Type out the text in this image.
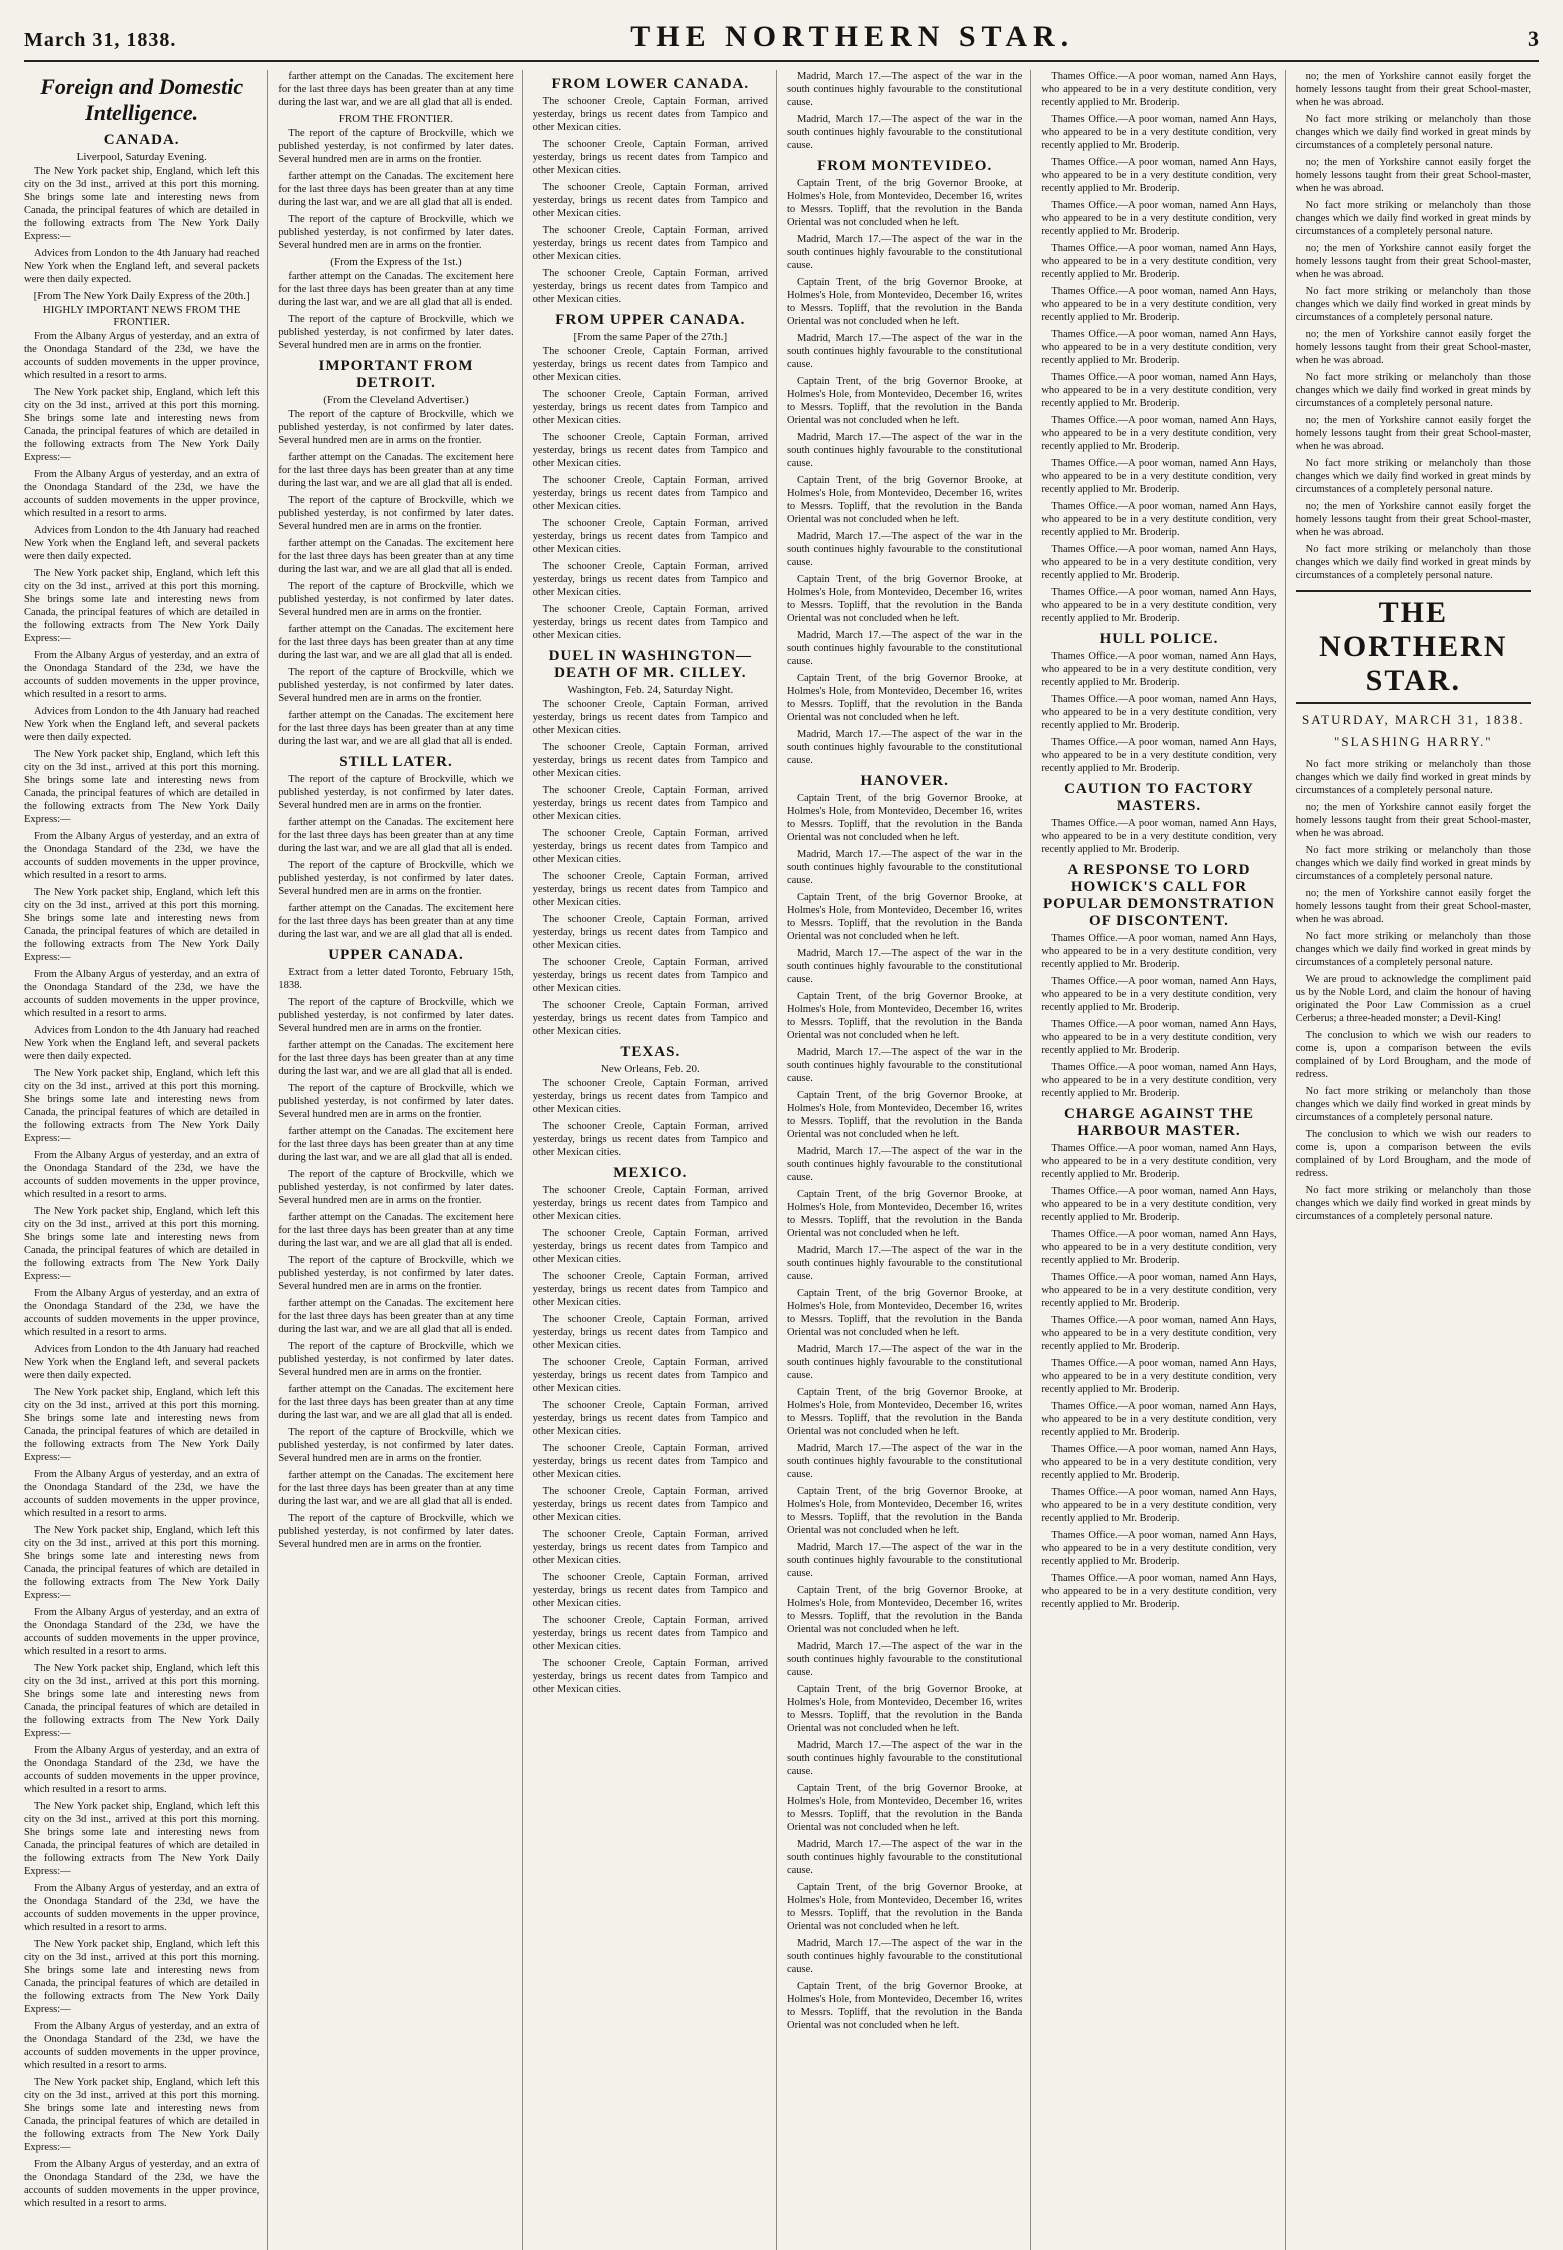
March 31, 1838.	THE NORTHERN STAR.	3
Foreign and Domestic Intelligence.
CANADA.
Liverpool, Saturday Evening.

The New York packet ship, England, which left this city on the 3d inst., arrived at this port this morning. She brings some late and interesting news from Canada, the principal features of which are detailed in the following extracts from The New York Daily Express:—

Advices from London to the 4th January had reached New York when the England left, and several packets were then daily expected.

[From The New York Daily Express of the 20th.]
HIGHLY IMPORTANT NEWS FROM THE FRONTIER.

From the Albany Argus of yesterday, and an extra of the Onondaga Standard of the 23d, we have the accounts of sudden movements in the upper province, which resulted in a resort to arms.

The New York packet ship, England, which left this city on the 3d inst., arrived at this port this morning. She brings some late and interesting news from Canada, the principal features of which are detailed in the following extracts from The New York Daily Express:—

From the Albany Argus of yesterday, and an extra of the Onondaga Standard of the 23d, we have the accounts of sudden movements in the upper province, which resulted in a resort to arms.

Advices from London to the 4th January had reached New York when the England left, and several packets were then daily expected.

The New York packet ship, England, which left this city on the 3d inst., arrived at this port this morning. She brings some late and interesting news from Canada, the principal features of which are detailed in the following extracts from The New York Daily Express:—

From the Albany Argus of yesterday, and an extra of the Onondaga Standard of the 23d, we have the accounts of sudden movements in the upper province, which resulted in a resort to arms.

Advices from London to the 4th January had reached New York when the England left, and several packets were then daily expected.

The New York packet ship, England, which left this city on the 3d inst., arrived at this port this morning. She brings some late and interesting news from Canada, the principal features of which are detailed in the following extracts from The New York Daily Express:—

From the Albany Argus of yesterday, and an extra of the Onondaga Standard of the 23d, we have the accounts of sudden movements in the upper province, which resulted in a resort to arms.

The New York packet ship, England, which left this city on the 3d inst., arrived at this port this morning. She brings some late and interesting news from Canada, the principal features of which are detailed in the following extracts from The New York Daily Express:—

From the Albany Argus of yesterday, and an extra of the Onondaga Standard of the 23d, we have the accounts of sudden movements in the upper province, which resulted in a resort to arms.

Advices from London to the 4th January had reached New York when the England left, and several packets were then daily expected.

The New York packet ship, England, which left this city on the 3d inst., arrived at this port this morning. She brings some late and interesting news from Canada, the principal features of which are detailed in the following extracts from The New York Daily Express:—

From the Albany Argus of yesterday, and an extra of the Onondaga Standard of the 23d, we have the accounts of sudden movements in the upper province, which resulted in a resort to arms.

The New York packet ship, England, which left this city on the 3d inst., arrived at this port this morning. She brings some late and interesting news from Canada, the principal features of which are detailed in the following extracts from The New York Daily Express:—

From the Albany Argus of yesterday, and an extra of the Onondaga Standard of the 23d, we have the accounts of sudden movements in the upper province, which resulted in a resort to arms.

Advices from London to the 4th January had reached New York when the England left, and several packets were then daily expected.

The New York packet ship, England, which left this city on the 3d inst., arrived at this port this morning. She brings some late and interesting news from Canada, the principal features of which are detailed in the following extracts from The New York Daily Express:—

From the Albany Argus of yesterday, and an extra of the Onondaga Standard of the 23d, we have the accounts of sudden movements in the upper province, which resulted in a resort to arms.

The New York packet ship, England, which left this city on the 3d inst., arrived at this port this morning. She brings some late and interesting news from Canada, the principal features of which are detailed in the following extracts from The New York Daily Express:—

From the Albany Argus of yesterday, and an extra of the Onondaga Standard of the 23d, we have the accounts of sudden movements in the upper province, which resulted in a resort to arms.

The New York packet ship, England, which left this city on the 3d inst., arrived at this port this morning. She brings some late and interesting news from Canada, the principal features of which are detailed in the following extracts from The New York Daily Express:—

From the Albany Argus of yesterday, and an extra of the Onondaga Standard of the 23d, we have the accounts of sudden movements in the upper province, which resulted in a resort to arms.

The New York packet ship, England, which left this city on the 3d inst., arrived at this port this morning. She brings some late and interesting news from Canada, the principal features of which are detailed in the following extracts from The New York Daily Express:—

From the Albany Argus of yesterday, and an extra of the Onondaga Standard of the 23d, we have the accounts of sudden movements in the upper province, which resulted in a resort to arms.

The New York packet ship, England, which left this city on the 3d inst., arrived at this port this morning. She brings some late and interesting news from Canada, the principal features of which are detailed in the following extracts from The New York Daily Express:—

From the Albany Argus of yesterday, and an extra of the Onondaga Standard of the 23d, we have the accounts of sudden movements in the upper province, which resulted in a resort to arms.

The New York packet ship, England, which left this city on the 3d inst., arrived at this port this morning. She brings some late and interesting news from Canada, the principal features of which are detailed in the following extracts from The New York Daily Express:—

From the Albany Argus of yesterday, and an extra of the Onondaga Standard of the 23d, we have the accounts of sudden movements in the upper province, which resulted in a resort to arms.

farther attempt on the Canadas. The excitement here for the last three days has been greater than at any time during the last war, and we are all glad that all is ended.

FROM THE FRONTIER.

The report of the capture of Brockville, which we published yesterday, is not confirmed by later dates. Several hundred men are in arms on the frontier.

farther attempt on the Canadas. The excitement here for the last three days has been greater than at any time during the last war, and we are all glad that all is ended.

The report of the capture of Brockville, which we published yesterday, is not confirmed by later dates. Several hundred men are in arms on the frontier.

(From the Express of the 1st.)

farther attempt on the Canadas. The excitement here for the last three days has been greater than at any time during the last war, and we are all glad that all is ended.

The report of the capture of Brockville, which we published yesterday, is not confirmed by later dates. Several hundred men are in arms on the frontier.

IMPORTANT FROM DETROIT.
(From the Cleveland Advertiser.)

The report of the capture of Brockville, which we published yesterday, is not confirmed by later dates. Several hundred men are in arms on the frontier.

farther attempt on the Canadas. The excitement here for the last three days has been greater than at any time during the last war, and we are all glad that all is ended.

The report of the capture of Brockville, which we published yesterday, is not confirmed by later dates. Several hundred men are in arms on the frontier.

farther attempt on the Canadas. The excitement here for the last three days has been greater than at any time during the last war, and we are all glad that all is ended.

The report of the capture of Brockville, which we published yesterday, is not confirmed by later dates. Several hundred men are in arms on the frontier.

farther attempt on the Canadas. The excitement here for the last three days has been greater than at any time during the last war, and we are all glad that all is ended.

The report of the capture of Brockville, which we published yesterday, is not confirmed by later dates. Several hundred men are in arms on the frontier.

farther attempt on the Canadas. The excitement here for the last three days has been greater than at any time during the last war, and we are all glad that all is ended.

STILL LATER.

The report of the capture of Brockville, which we published yesterday, is not confirmed by later dates. Several hundred men are in arms on the frontier.

farther attempt on the Canadas. The excitement here for the last three days has been greater than at any time during the last war, and we are all glad that all is ended.

The report of the capture of Brockville, which we published yesterday, is not confirmed by later dates. Several hundred men are in arms on the frontier.

farther attempt on the Canadas. The excitement here for the last three days has been greater than at any time during the last war, and we are all glad that all is ended.

UPPER CANADA.

Extract from a letter dated Toronto, February 15th, 1838.

The report of the capture of Brockville, which we published yesterday, is not confirmed by later dates. Several hundred men are in arms on the frontier.

farther attempt on the Canadas. The excitement here for the last three days has been greater than at any time during the last war, and we are all glad that all is ended.

The report of the capture of Brockville, which we published yesterday, is not confirmed by later dates. Several hundred men are in arms on the frontier.

farther attempt on the Canadas. The excitement here for the last three days has been greater than at any time during the last war, and we are all glad that all is ended.

The report of the capture of Brockville, which we published yesterday, is not confirmed by later dates. Several hundred men are in arms on the frontier.

farther attempt on the Canadas. The excitement here for the last three days has been greater than at any time during the last war, and we are all glad that all is ended.

The report of the capture of Brockville, which we published yesterday, is not confirmed by later dates. Several hundred men are in arms on the frontier.

farther attempt on the Canadas. The excitement here for the last three days has been greater than at any time during the last war, and we are all glad that all is ended.

The report of the capture of Brockville, which we published yesterday, is not confirmed by later dates. Several hundred men are in arms on the frontier.

farther attempt on the Canadas. The excitement here for the last three days has been greater than at any time during the last war, and we are all glad that all is ended.

The report of the capture of Brockville, which we published yesterday, is not confirmed by later dates. Several hundred men are in arms on the frontier.

farther attempt on the Canadas. The excitement here for the last three days has been greater than at any time during the last war, and we are all glad that all is ended.

The report of the capture of Brockville, which we published yesterday, is not confirmed by later dates. Several hundred men are in arms on the frontier.

FROM LOWER CANADA.

The schooner Creole, Captain Forman, arrived yesterday, brings us recent dates from Tampico and other Mexican cities.

The schooner Creole, Captain Forman, arrived yesterday, brings us recent dates from Tampico and other Mexican cities.

The schooner Creole, Captain Forman, arrived yesterday, brings us recent dates from Tampico and other Mexican cities.

The schooner Creole, Captain Forman, arrived yesterday, brings us recent dates from Tampico and other Mexican cities.

The schooner Creole, Captain Forman, arrived yesterday, brings us recent dates from Tampico and other Mexican cities.

FROM UPPER CANADA.
[From the same Paper of the 27th.]

The schooner Creole, Captain Forman, arrived yesterday, brings us recent dates from Tampico and other Mexican cities.

The schooner Creole, Captain Forman, arrived yesterday, brings us recent dates from Tampico and other Mexican cities.

The schooner Creole, Captain Forman, arrived yesterday, brings us recent dates from Tampico and other Mexican cities.

The schooner Creole, Captain Forman, arrived yesterday, brings us recent dates from Tampico and other Mexican cities.

The schooner Creole, Captain Forman, arrived yesterday, brings us recent dates from Tampico and other Mexican cities.

The schooner Creole, Captain Forman, arrived yesterday, brings us recent dates from Tampico and other Mexican cities.

The schooner Creole, Captain Forman, arrived yesterday, brings us recent dates from Tampico and other Mexican cities.

DUEL IN WASHINGTON—DEATH OF MR. CILLEY.
Washington, Feb. 24, Saturday Night.

The schooner Creole, Captain Forman, arrived yesterday, brings us recent dates from Tampico and other Mexican cities.

The schooner Creole, Captain Forman, arrived yesterday, brings us recent dates from Tampico and other Mexican cities.

The schooner Creole, Captain Forman, arrived yesterday, brings us recent dates from Tampico and other Mexican cities.

The schooner Creole, Captain Forman, arrived yesterday, brings us recent dates from Tampico and other Mexican cities.

The schooner Creole, Captain Forman, arrived yesterday, brings us recent dates from Tampico and other Mexican cities.

The schooner Creole, Captain Forman, arrived yesterday, brings us recent dates from Tampico and other Mexican cities.

The schooner Creole, Captain Forman, arrived yesterday, brings us recent dates from Tampico and other Mexican cities.

The schooner Creole, Captain Forman, arrived yesterday, brings us recent dates from Tampico and other Mexican cities.

TEXAS.
New Orleans, Feb. 20.

The schooner Creole, Captain Forman, arrived yesterday, brings us recent dates from Tampico and other Mexican cities.

The schooner Creole, Captain Forman, arrived yesterday, brings us recent dates from Tampico and other Mexican cities.

MEXICO.

The schooner Creole, Captain Forman, arrived yesterday, brings us recent dates from Tampico and other Mexican cities.

The schooner Creole, Captain Forman, arrived yesterday, brings us recent dates from Tampico and other Mexican cities.

The schooner Creole, Captain Forman, arrived yesterday, brings us recent dates from Tampico and other Mexican cities.

The schooner Creole, Captain Forman, arrived yesterday, brings us recent dates from Tampico and other Mexican cities.

The schooner Creole, Captain Forman, arrived yesterday, brings us recent dates from Tampico and other Mexican cities.

The schooner Creole, Captain Forman, arrived yesterday, brings us recent dates from Tampico and other Mexican cities.

The schooner Creole, Captain Forman, arrived yesterday, brings us recent dates from Tampico and other Mexican cities.

The schooner Creole, Captain Forman, arrived yesterday, brings us recent dates from Tampico and other Mexican cities.

The schooner Creole, Captain Forman, arrived yesterday, brings us recent dates from Tampico and other Mexican cities.

The schooner Creole, Captain Forman, arrived yesterday, brings us recent dates from Tampico and other Mexican cities.

The schooner Creole, Captain Forman, arrived yesterday, brings us recent dates from Tampico and other Mexican cities.

The schooner Creole, Captain Forman, arrived yesterday, brings us recent dates from Tampico and other Mexican cities.

Madrid, March 17.—The aspect of the war in the south continues highly favourable to the constitutional cause.

Madrid, March 17.—The aspect of the war in the south continues highly favourable to the constitutional cause.

FROM MONTEVIDEO.

Captain Trent, of the brig Governor Brooke, at Holmes's Hole, from Montevideo, December 16, writes to Messrs. Topliff, that the revolution in the Banda Oriental was not concluded when he left.

Madrid, March 17.—The aspect of the war in the south continues highly favourable to the constitutional cause.

Captain Trent, of the brig Governor Brooke, at Holmes's Hole, from Montevideo, December 16, writes to Messrs. Topliff, that the revolution in the Banda Oriental was not concluded when he left.

Madrid, March 17.—The aspect of the war in the south continues highly favourable to the constitutional cause.

Captain Trent, of the brig Governor Brooke, at Holmes's Hole, from Montevideo, December 16, writes to Messrs. Topliff, that the revolution in the Banda Oriental was not concluded when he left.

Madrid, March 17.—The aspect of the war in the south continues highly favourable to the constitutional cause.

Captain Trent, of the brig Governor Brooke, at Holmes's Hole, from Montevideo, December 16, writes to Messrs. Topliff, that the revolution in the Banda Oriental was not concluded when he left.

Madrid, March 17.—The aspect of the war in the south continues highly favourable to the constitutional cause.

Captain Trent, of the brig Governor Brooke, at Holmes's Hole, from Montevideo, December 16, writes to Messrs. Topliff, that the revolution in the Banda Oriental was not concluded when he left.

Madrid, March 17.—The aspect of the war in the south continues highly favourable to the constitutional cause.

Captain Trent, of the brig Governor Brooke, at Holmes's Hole, from Montevideo, December 16, writes to Messrs. Topliff, that the revolution in the Banda Oriental was not concluded when he left.

Madrid, March 17.—The aspect of the war in the south continues highly favourable to the constitutional cause.

HANOVER.

Captain Trent, of the brig Governor Brooke, at Holmes's Hole, from Montevideo, December 16, writes to Messrs. Topliff, that the revolution in the Banda Oriental was not concluded when he left.

Madrid, March 17.—The aspect of the war in the south continues highly favourable to the constitutional cause.

Captain Trent, of the brig Governor Brooke, at Holmes's Hole, from Montevideo, December 16, writes to Messrs. Topliff, that the revolution in the Banda Oriental was not concluded when he left.

Madrid, March 17.—The aspect of the war in the south continues highly favourable to the constitutional cause.

Captain Trent, of the brig Governor Brooke, at Holmes's Hole, from Montevideo, December 16, writes to Messrs. Topliff, that the revolution in the Banda Oriental was not concluded when he left.

Madrid, March 17.—The aspect of the war in the south continues highly favourable to the constitutional cause.

Captain Trent, of the brig Governor Brooke, at Holmes's Hole, from Montevideo, December 16, writes to Messrs. Topliff, that the revolution in the Banda Oriental was not concluded when he left.

Madrid, March 17.—The aspect of the war in the south continues highly favourable to the constitutional cause.

Captain Trent, of the brig Governor Brooke, at Holmes's Hole, from Montevideo, December 16, writes to Messrs. Topliff, that the revolution in the Banda Oriental was not concluded when he left.

Madrid, March 17.—The aspect of the war in the south continues highly favourable to the constitutional cause.

Captain Trent, of the brig Governor Brooke, at Holmes's Hole, from Montevideo, December 16, writes to Messrs. Topliff, that the revolution in the Banda Oriental was not concluded when he left.

Madrid, March 17.—The aspect of the war in the south continues highly favourable to the constitutional cause.

Captain Trent, of the brig Governor Brooke, at Holmes's Hole, from Montevideo, December 16, writes to Messrs. Topliff, that the revolution in the Banda Oriental was not concluded when he left.

Madrid, March 17.—The aspect of the war in the south continues highly favourable to the constitutional cause.

Captain Trent, of the brig Governor Brooke, at Holmes's Hole, from Montevideo, December 16, writes to Messrs. Topliff, that the revolution in the Banda Oriental was not concluded when he left.

Madrid, March 17.—The aspect of the war in the south continues highly favourable to the constitutional cause.

Captain Trent, of the brig Governor Brooke, at Holmes's Hole, from Montevideo, December 16, writes to Messrs. Topliff, that the revolution in the Banda Oriental was not concluded when he left.

Madrid, March 17.—The aspect of the war in the south continues highly favourable to the constitutional cause.

Captain Trent, of the brig Governor Brooke, at Holmes's Hole, from Montevideo, December 16, writes to Messrs. Topliff, that the revolution in the Banda Oriental was not concluded when he left.

Madrid, March 17.—The aspect of the war in the south continues highly favourable to the constitutional cause.

Captain Trent, of the brig Governor Brooke, at Holmes's Hole, from Montevideo, December 16, writes to Messrs. Topliff, that the revolution in the Banda Oriental was not concluded when he left.

Madrid, March 17.—The aspect of the war in the south continues highly favourable to the constitutional cause.

Captain Trent, of the brig Governor Brooke, at Holmes's Hole, from Montevideo, December 16, writes to Messrs. Topliff, that the revolution in the Banda Oriental was not concluded when he left.

Madrid, March 17.—The aspect of the war in the south continues highly favourable to the constitutional cause.

Captain Trent, of the brig Governor Brooke, at Holmes's Hole, from Montevideo, December 16, writes to Messrs. Topliff, that the revolution in the Banda Oriental was not concluded when he left.

Thames Office.—A poor woman, named Ann Hays, who appeared to be in a very destitute condition, very recently applied to Mr. Broderip.

Thames Office.—A poor woman, named Ann Hays, who appeared to be in a very destitute condition, very recently applied to Mr. Broderip.

Thames Office.—A poor woman, named Ann Hays, who appeared to be in a very destitute condition, very recently applied to Mr. Broderip.

Thames Office.—A poor woman, named Ann Hays, who appeared to be in a very destitute condition, very recently applied to Mr. Broderip.

Thames Office.—A poor woman, named Ann Hays, who appeared to be in a very destitute condition, very recently applied to Mr. Broderip.

Thames Office.—A poor woman, named Ann Hays, who appeared to be in a very destitute condition, very recently applied to Mr. Broderip.

Thames Office.—A poor woman, named Ann Hays, who appeared to be in a very destitute condition, very recently applied to Mr. Broderip.

Thames Office.—A poor woman, named Ann Hays, who appeared to be in a very destitute condition, very recently applied to Mr. Broderip.

Thames Office.—A poor woman, named Ann Hays, who appeared to be in a very destitute condition, very recently applied to Mr. Broderip.

Thames Office.—A poor woman, named Ann Hays, who appeared to be in a very destitute condition, very recently applied to Mr. Broderip.

Thames Office.—A poor woman, named Ann Hays, who appeared to be in a very destitute condition, very recently applied to Mr. Broderip.

Thames Office.—A poor woman, named Ann Hays, who appeared to be in a very destitute condition, very recently applied to Mr. Broderip.

Thames Office.—A poor woman, named Ann Hays, who appeared to be in a very destitute condition, very recently applied to Mr. Broderip.

HULL POLICE.

Thames Office.—A poor woman, named Ann Hays, who appeared to be in a very destitute condition, very recently applied to Mr. Broderip.

Thames Office.—A poor woman, named Ann Hays, who appeared to be in a very destitute condition, very recently applied to Mr. Broderip.

Thames Office.—A poor woman, named Ann Hays, who appeared to be in a very destitute condition, very recently applied to Mr. Broderip.

CAUTION TO FACTORY MASTERS.

Thames Office.—A poor woman, named Ann Hays, who appeared to be in a very destitute condition, very recently applied to Mr. Broderip.

A RESPONSE TO LORD HOWICK'S CALL FOR POPULAR DEMONSTRATION OF DISCONTENT.

Thames Office.—A poor woman, named Ann Hays, who appeared to be in a very destitute condition, very recently applied to Mr. Broderip.

Thames Office.—A poor woman, named Ann Hays, who appeared to be in a very destitute condition, very recently applied to Mr. Broderip.

Thames Office.—A poor woman, named Ann Hays, who appeared to be in a very destitute condition, very recently applied to Mr. Broderip.

Thames Office.—A poor woman, named Ann Hays, who appeared to be in a very destitute condition, very recently applied to Mr. Broderip.

CHARGE AGAINST THE HARBOUR MASTER.

Thames Office.—A poor woman, named Ann Hays, who appeared to be in a very destitute condition, very recently applied to Mr. Broderip.

Thames Office.—A poor woman, named Ann Hays, who appeared to be in a very destitute condition, very recently applied to Mr. Broderip.

Thames Office.—A poor woman, named Ann Hays, who appeared to be in a very destitute condition, very recently applied to Mr. Broderip.

Thames Office.—A poor woman, named Ann Hays, who appeared to be in a very destitute condition, very recently applied to Mr. Broderip.

Thames Office.—A poor woman, named Ann Hays, who appeared to be in a very destitute condition, very recently applied to Mr. Broderip.

Thames Office.—A poor woman, named Ann Hays, who appeared to be in a very destitute condition, very recently applied to Mr. Broderip.

Thames Office.—A poor woman, named Ann Hays, who appeared to be in a very destitute condition, very recently applied to Mr. Broderip.

Thames Office.—A poor woman, named Ann Hays, who appeared to be in a very destitute condition, very recently applied to Mr. Broderip.

Thames Office.—A poor woman, named Ann Hays, who appeared to be in a very destitute condition, very recently applied to Mr. Broderip.

Thames Office.—A poor woman, named Ann Hays, who appeared to be in a very destitute condition, very recently applied to Mr. Broderip.

Thames Office.—A poor woman, named Ann Hays, who appeared to be in a very destitute condition, very recently applied to Mr. Broderip.

no; the men of Yorkshire cannot easily forget the homely lessons taught from their great School-master, when he was abroad.

No fact more striking or melancholy than those changes which we daily find worked in great minds by circumstances of a completely personal nature.

no; the men of Yorkshire cannot easily forget the homely lessons taught from their great School-master, when he was abroad.

No fact more striking or melancholy than those changes which we daily find worked in great minds by circumstances of a completely personal nature.

no; the men of Yorkshire cannot easily forget the homely lessons taught from their great School-master, when he was abroad.

No fact more striking or melancholy than those changes which we daily find worked in great minds by circumstances of a completely personal nature.

no; the men of Yorkshire cannot easily forget the homely lessons taught from their great School-master, when he was abroad.

No fact more striking or melancholy than those changes which we daily find worked in great minds by circumstances of a completely personal nature.

no; the men of Yorkshire cannot easily forget the homely lessons taught from their great School-master, when he was abroad.

No fact more striking or melancholy than those changes which we daily find worked in great minds by circumstances of a completely personal nature.

no; the men of Yorkshire cannot easily forget the homely lessons taught from their great School-master, when he was abroad.

No fact more striking or melancholy than those changes which we daily find worked in great minds by circumstances of a completely personal nature.

THE NORTHERN STAR.
SATURDAY, MARCH 31, 1838.
"SLASHING HARRY."

No fact more striking or melancholy than those changes which we daily find worked in great minds by circumstances of a completely personal nature.

no; the men of Yorkshire cannot easily forget the homely lessons taught from their great School-master, when he was abroad.

No fact more striking or melancholy than those changes which we daily find worked in great minds by circumstances of a completely personal nature.

no; the men of Yorkshire cannot easily forget the homely lessons taught from their great School-master, when he was abroad.

No fact more striking or melancholy than those changes which we daily find worked in great minds by circumstances of a completely personal nature.

We are proud to acknowledge the compliment paid us by the Noble Lord, and claim the honour of having originated the Poor Law Commission as a cruel Cerberus; a three-headed monster; a Devil-King!

The conclusion to which we wish our readers to come is, upon a comparison between the evils complained of by Lord Brougham, and the mode of redress.

No fact more striking or melancholy than those changes which we daily find worked in great minds by circumstances of a completely personal nature.

The conclusion to which we wish our readers to come is, upon a comparison between the evils complained of by Lord Brougham, and the mode of redress.

No fact more striking or melancholy than those changes which we daily find worked in great minds by circumstances of a completely personal nature.
